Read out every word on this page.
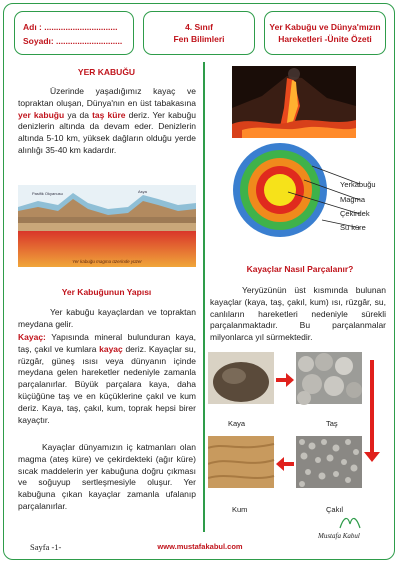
Adı : ...............................
Soyadı: ............................
4. Sınıf
Fen Bilimleri
Yer Kabuğu ve Dünya'mızın
Hareketleri -Ünite Özeti
YER KABUĞU
Üzerinde yaşadığımız kayaç ve topraktan oluşan, Dünya'nın en üst tabakasına yer kabuğu ya da taş küre deriz. Yer kabuğu denizlerin altında da devam eder. Denizlerin altında 5-10 km, yüksek dağların olduğu yerde alınlığı 35-40 km kadardır.
Pasifik Okyanusu	Asya
Yer kabuğu magma üzerinde yüzer
Yer Kabuğunun Yapısı
Yer kabuğu kayaçlardan ve topraktan meydana gelir.
Kayaç: Yapısında mineral bulunduran kaya, taş, çakıl ve kumlara kayaç deriz. Kayaçlar su, rüzgâr, güneş ısısı veya dünyanın içinde meydana gelen hareketler nedeniyle zamanla parçalanırlar. Büyük parçalara kaya, daha küçüğüne taş ve en küçüklerine çakıl ve kum deriz. Kaya, taş, çakıl, kum, toprak hepsi birer kayaçtır.
Kayaçlar dünyamızın iç katmanları olan magma (ateş küre) ve çekirdekteki (ağır küre) sıcak maddelerin yer kabuğuna doğru çıkması ve soğuyup sertleşmesiyle oluşur. Yer kabuğuna çıkan kayaçlar zamanla ufalanıp parçalanırlar.
Yerkabuğu
Magma
Çekirdek
Su küre
Kayaçlar Nasıl Parçalanır?
Yeryüzünün üst kısmında bulunan kayaçlar (kaya, taş, çakıl, kum) ısı, rüzgâr, su, canlıların hareketleri nedeniyle sürekli parçalanmaktadır. Bu parçalanmalar milyonlarca yıl sürmektedir.
Kaya	Taş
Kum	Çakıl
Sayfa -1-	www.mustafakabul.com
Mustafa Kabul
